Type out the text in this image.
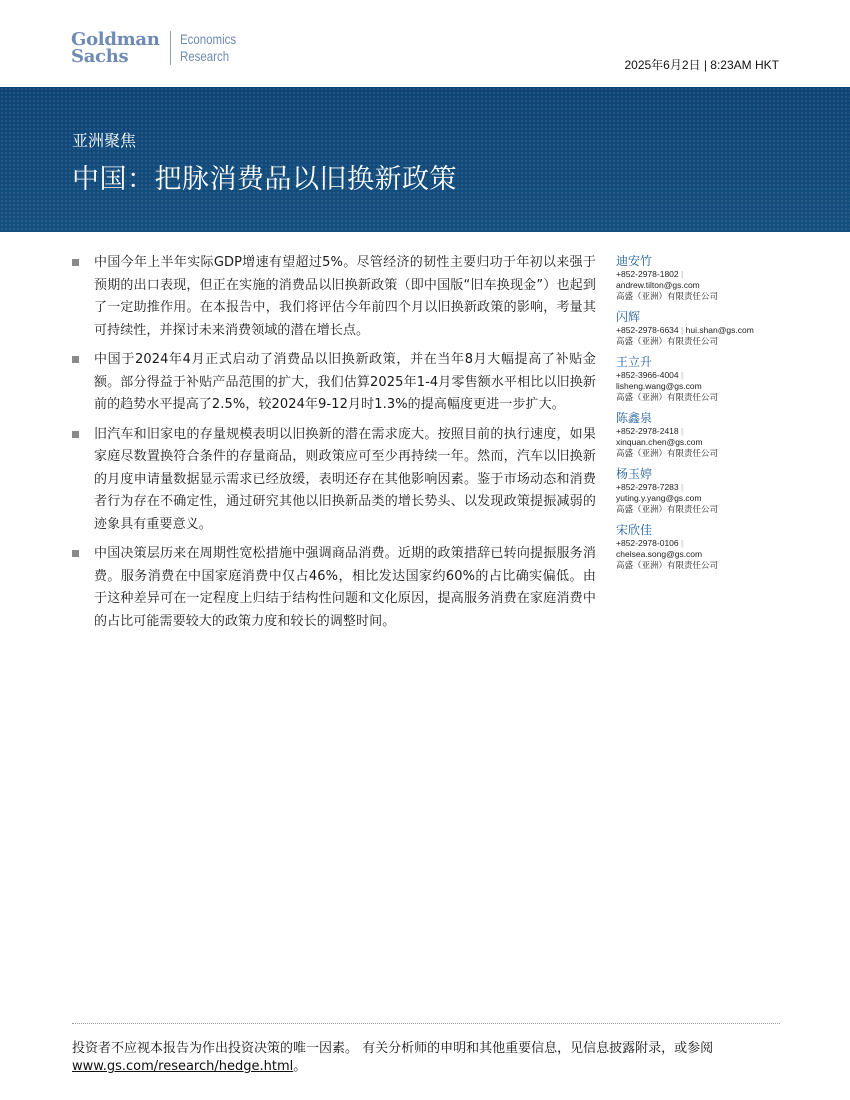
Goldman
Sachs
Economics
Research
2025年6月2日 | 8:23AM HKT
亚洲聚焦
中国：把脉消费品以旧换新政策

中国今年上半年实际GDP增速有望超过5%。尽管经济的韧性主要归功于年初以来强于预期的出口表现，但正在实施的消费品以旧换新政策（即中国版“旧车换现金”）也起到了一定助推作用。在本报告中，我们将评估今年前四个月以旧换新政策的影响，考量其可持续性，并探讨未来消费领域的潜在增长点。

中国于2024年4月正式启动了消费品以旧换新政策，并在当年8月大幅提高了补贴金额。部分得益于补贴产品范围的扩大，我们估算2025年1-4月零售额水平相比以旧换新前的趋势水平提高了2.5%，较2024年9-12月时1.3%的提高幅度更进一步扩大。

旧汽车和旧家电的存量规模表明以旧换新的潜在需求庞大。按照目前的执行速度，如果家庭尽数置换符合条件的存量商品，则政策应可至少再持续一年。然而，汽车以旧换新的月度申请量数据显示需求已经放缓，表明还存在其他影响因素。鉴于市场动态和消费者行为存在不确定性，通过研究其他以旧换新品类的增长势头、以发现政策提振减弱的迹象具有重要意义。

中国决策层历来在周期性宽松措施中强调商品消费。近期的政策措辞已转向提振服务消费。服务消费在中国家庭消费中仅占46%，相比发达国家约60%的占比确实偏低。由于这种差异可在一定程度上归结于结构性问题和文化原因，提高服务消费在家庭消费中的占比可能需要较大的政策力度和较长的调整时间。

迪安竹
+852-2978-1802 |
andrew.tilton@gs.com
高盛（亚洲）有限责任公司
闪辉
+852-2978-6634 | hui.shan@gs.com
高盛（亚洲）有限责任公司
王立升
+852-3966-4004 |
lisheng.wang@gs.com
高盛（亚洲）有限责任公司
陈鑫泉
+852-2978-2418 |
xinquan.chen@gs.com
高盛（亚洲）有限责任公司
杨玉婷
+852-2978-7283 |
yuting.y.yang@gs.com
高盛（亚洲）有限责任公司
宋欣佳
+852-2978-0106 |
chelsea.song@gs.com
高盛（亚洲）有限责任公司
投资者不应视本报告为作出投资决策的唯一因素。 有关分析师的申明和其他重要信息，见信息披露附录，或参阅
www.gs.com/research/hedge.html。
